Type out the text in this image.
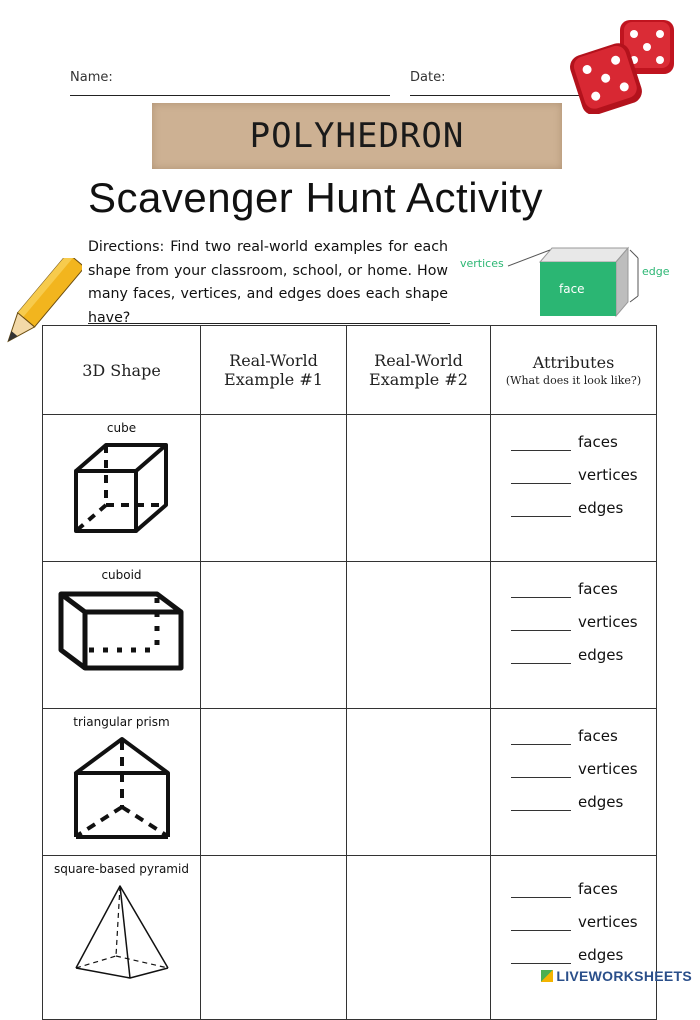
Name:	Date:
POLYHEDRON
Scavenger Hunt Activity
Directions: Find two real-world examples for each shape from your classroom, school, or home. How many faces, vertices, and edges does each shape have?
vertices
face
edge
3D Shape	Real-World Example #1	Real-World Example #2	Attributes
(What does it look like?)

cube			faces
vertices
edges

cuboid			faces
vertices
edges

triangular prism			faces
vertices
edges

square-based pyramid			faces
vertices
edges
LIVEWORKSHEETS
